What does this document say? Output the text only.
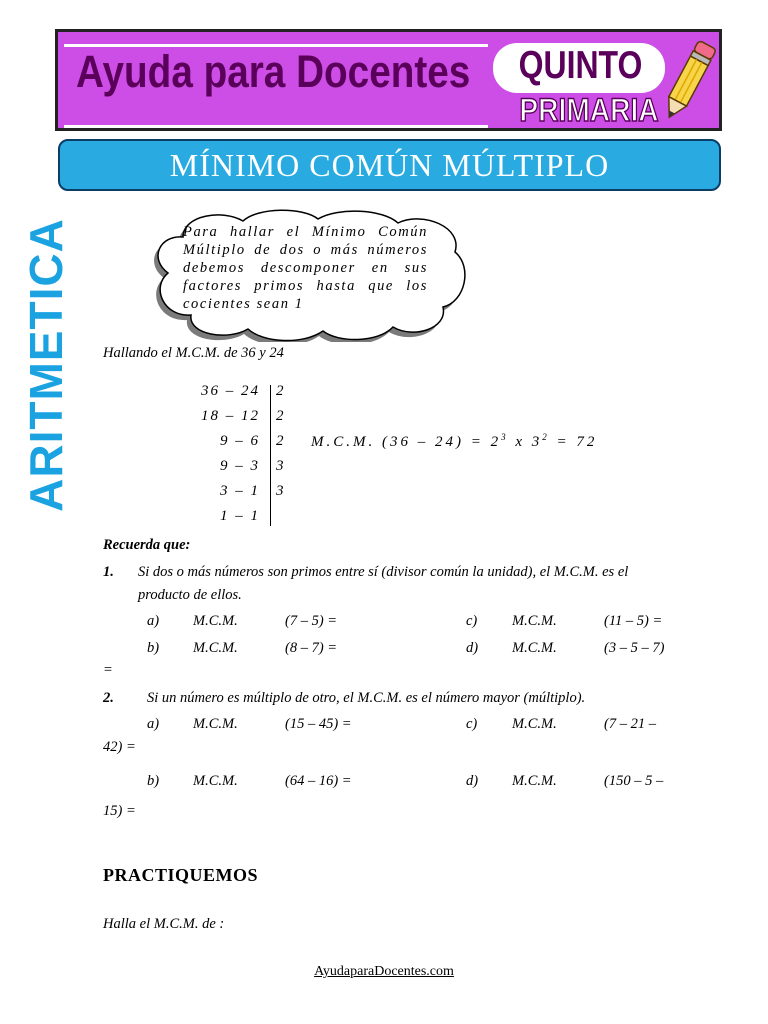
Ayuda para Docentes QUINTO
PRIMARIA
MÍNIMO COMÚN MÚLTIPLO
ARITMETICA	Para hallar el Mínimo Común Múltiplo de dos o más números debemos descomponer en sus factores primos hasta que los cocientes sean 1
Hallando el M.C.M. de 36 y 24
36 – 24 2
18 – 12 2
9 – 6 2
9 – 3 3
3 – 1 3
1 – 1
M.C.M. $(36 - 24) = 2^3$ x $3^2 = 72$
Recuerda que:
1. Si dos o más números son primos entre sí (divisor común la unidad), el M.C.M. es el
producto de ellos.
a) M.C.M.	(7 – 5) =	c) M.C.M.	(11 – 5) =
b) M.C.M.	(8 – 7) =	d) M.C.M.	(3 – 5 – 7)
=
2. Si un número es múltiplo de otro, el M.C.M. es el número mayor (múltiplo).
a) M.C.M.	(15 – 45) =	c) M.C.M.	(7 – 21 –
42) =
b) M.C.M.	(64 – 16) =	d) M.C.M.	(150 – 5 –
15) =
PRACTIQUEMOS
Halla el M.C.M. de :
AyudaparaDocentes.com
